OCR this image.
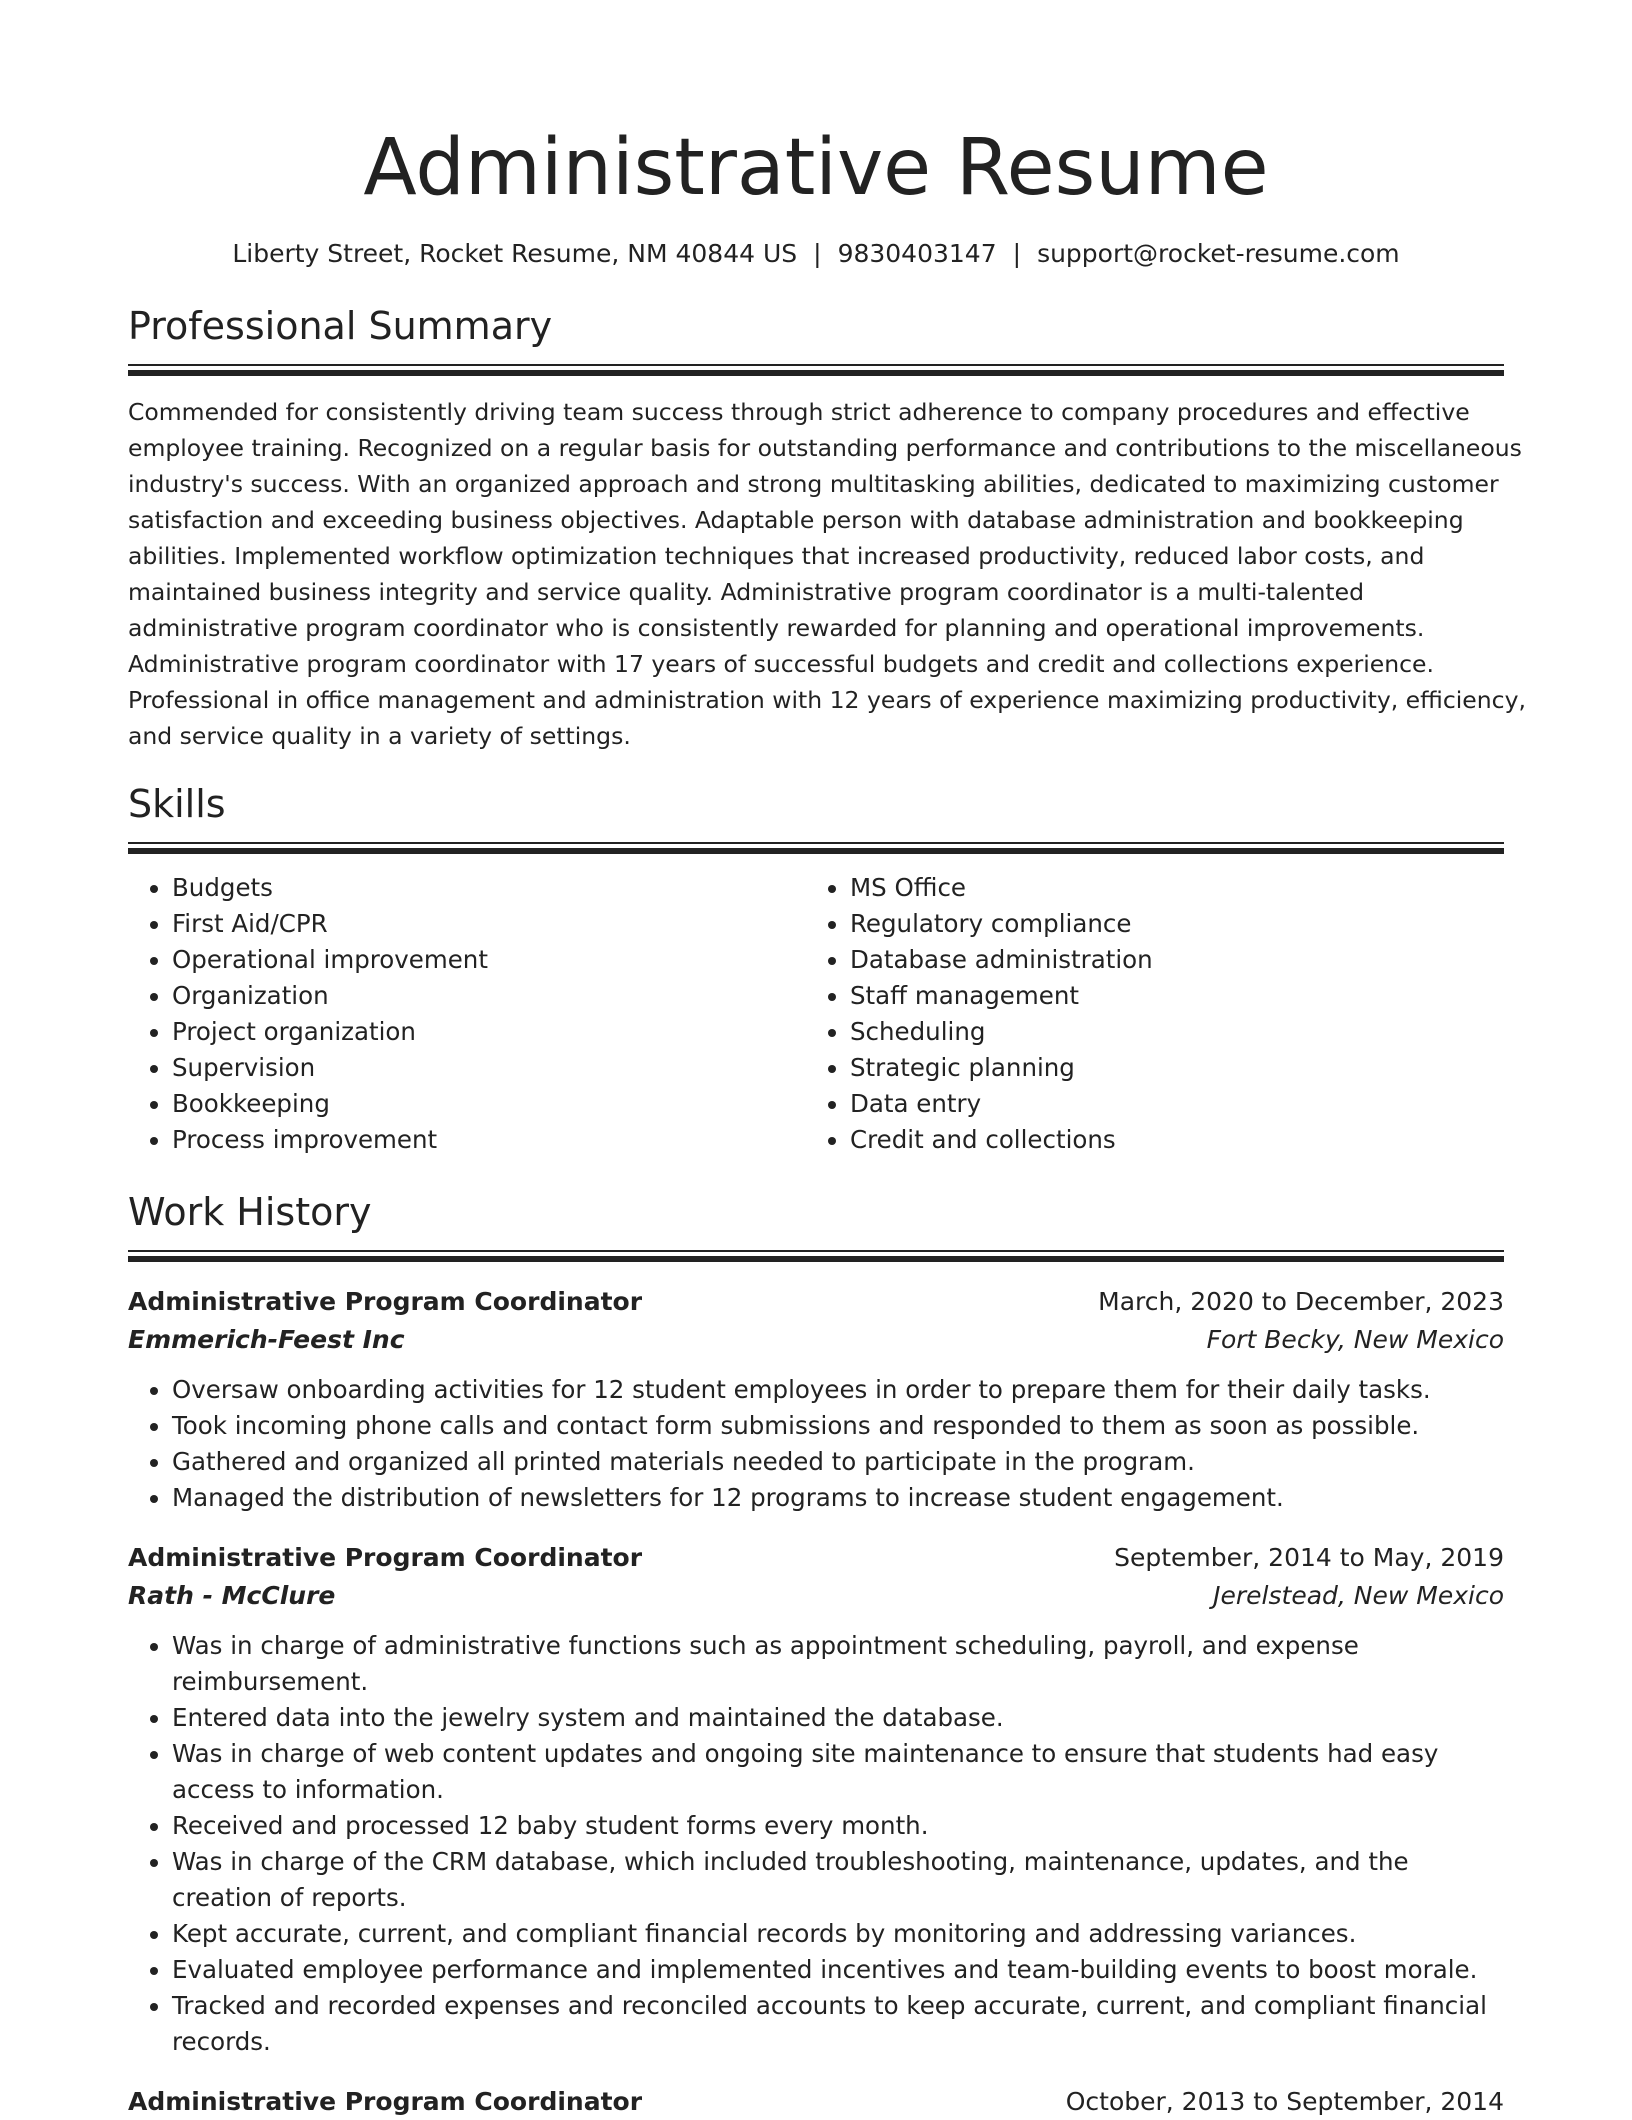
Administrative Resume
Liberty Street, Rocket Resume, NM 40844 US | 9830403147 | support@rocket-resume.com
Professional Summary
Commended for consistently driving team success through strict adherence to company procedures and effective
employee training. Recognized on a regular basis for outstanding performance and contributions to the miscellaneous
industry's success. With an organized approach and strong multitasking abilities, dedicated to maximizing customer
satisfaction and exceeding business objectives. Adaptable person with database administration and bookkeeping
abilities. Implemented workflow optimization techniques that increased productivity, reduced labor costs, and
maintained business integrity and service quality. Administrative program coordinator is a multi-talented
administrative program coordinator who is consistently rewarded for planning and operational improvements.
Administrative program coordinator with 17 years of successful budgets and credit and collections experience.
Professional in office management and administration with 12 years of experience maximizing productivity, efficiency,
and service quality in a variety of settings.
Skills
• Budgets
• First Aid/CPR
• Operational improvement
• Organization
• Project organization
• Supervision
• Bookkeeping
• Process improvement
• MS Office
• Regulatory compliance
• Database administration
• Staff management
• Scheduling
• Strategic planning
• Data entry
• Credit and collections
Work History
Administrative Program Coordinator	March, 2020 to December, 2023
Emmerich-Feest Inc	Fort Becky, New Mexico
• Oversaw onboarding activities for 12 student employees in order to prepare them for their daily tasks.
• Took incoming phone calls and contact form submissions and responded to them as soon as possible.
• Gathered and organized all printed materials needed to participate in the program.
• Managed the distribution of newsletters for 12 programs to increase student engagement.
Administrative Program Coordinator	September, 2014 to May, 2019
Rath - McClure	Jerelstead, New Mexico
• Was in charge of administrative functions such as appointment scheduling, payroll, and expense reimbursement.
• Entered data into the jewelry system and maintained the database.
• Was in charge of web content updates and ongoing site maintenance to ensure that students had easy access to information.
• Received and processed 12 baby student forms every month.
• Was in charge of the CRM database, which included troubleshooting, maintenance, updates, and the creation of reports.
• Kept accurate, current, and compliant financial records by monitoring and addressing variances.
• Evaluated employee performance and implemented incentives and team-building events to boost morale.
• Tracked and recorded expenses and reconciled accounts to keep accurate, current, and compliant financial records.
Administrative Program Coordinator	October, 2013 to September, 2014
